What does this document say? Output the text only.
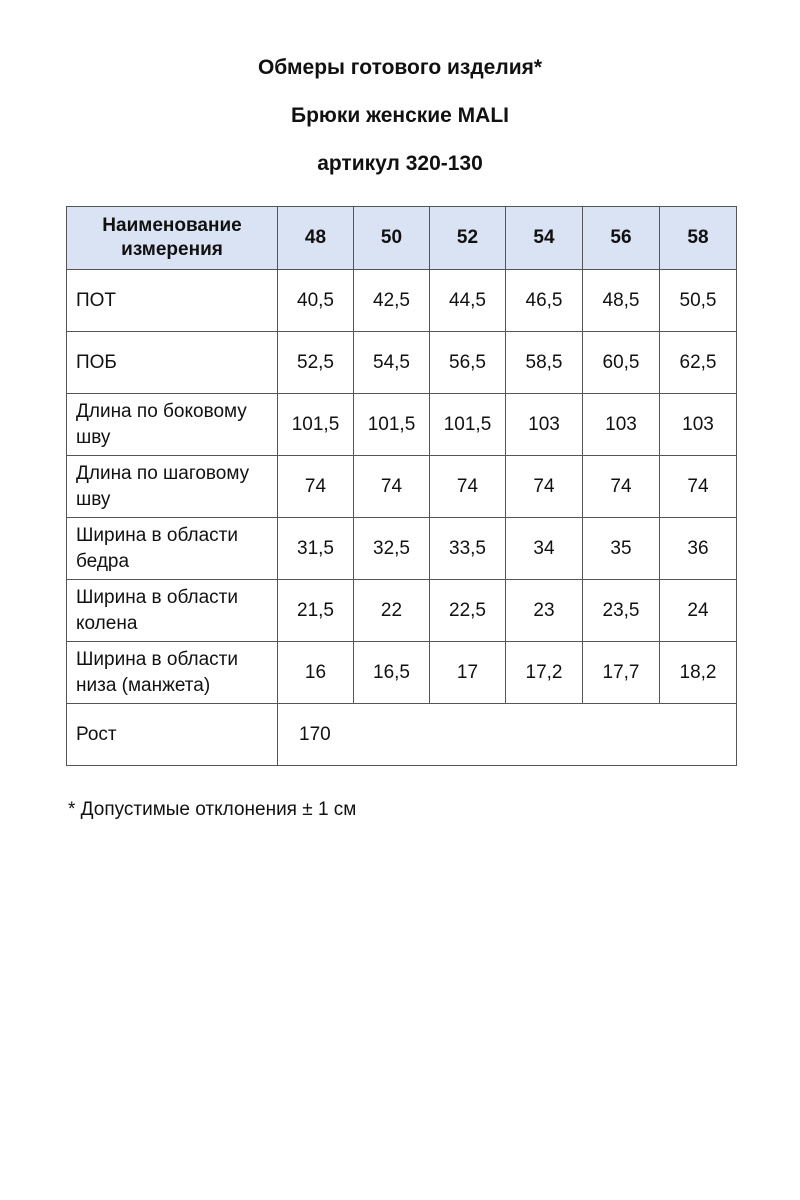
Обмеры готового изделия*
Брюки женские MALI
артикул 320-130
Наименование измерения	48	50	52	54	56	58
ПОТ	40,5	42,5	44,5	46,5	48,5	50,5
ПОБ	52,5	54,5	56,5	58,5	60,5	62,5
Длина по боковому шву	101,5	101,5	101,5	103	103	103
Длина по шаговому шву	74	74	74	74	74	74
Ширина в области бедра	31,5	32,5	33,5	34	35	36
Ширина в области колена	21,5	22	22,5	23	23,5	24
Ширина в области низа (манжета)	16	16,5	17	17,2	17,7	18,2
Рост	170					

* Допустимые отклонения ± 1 см
